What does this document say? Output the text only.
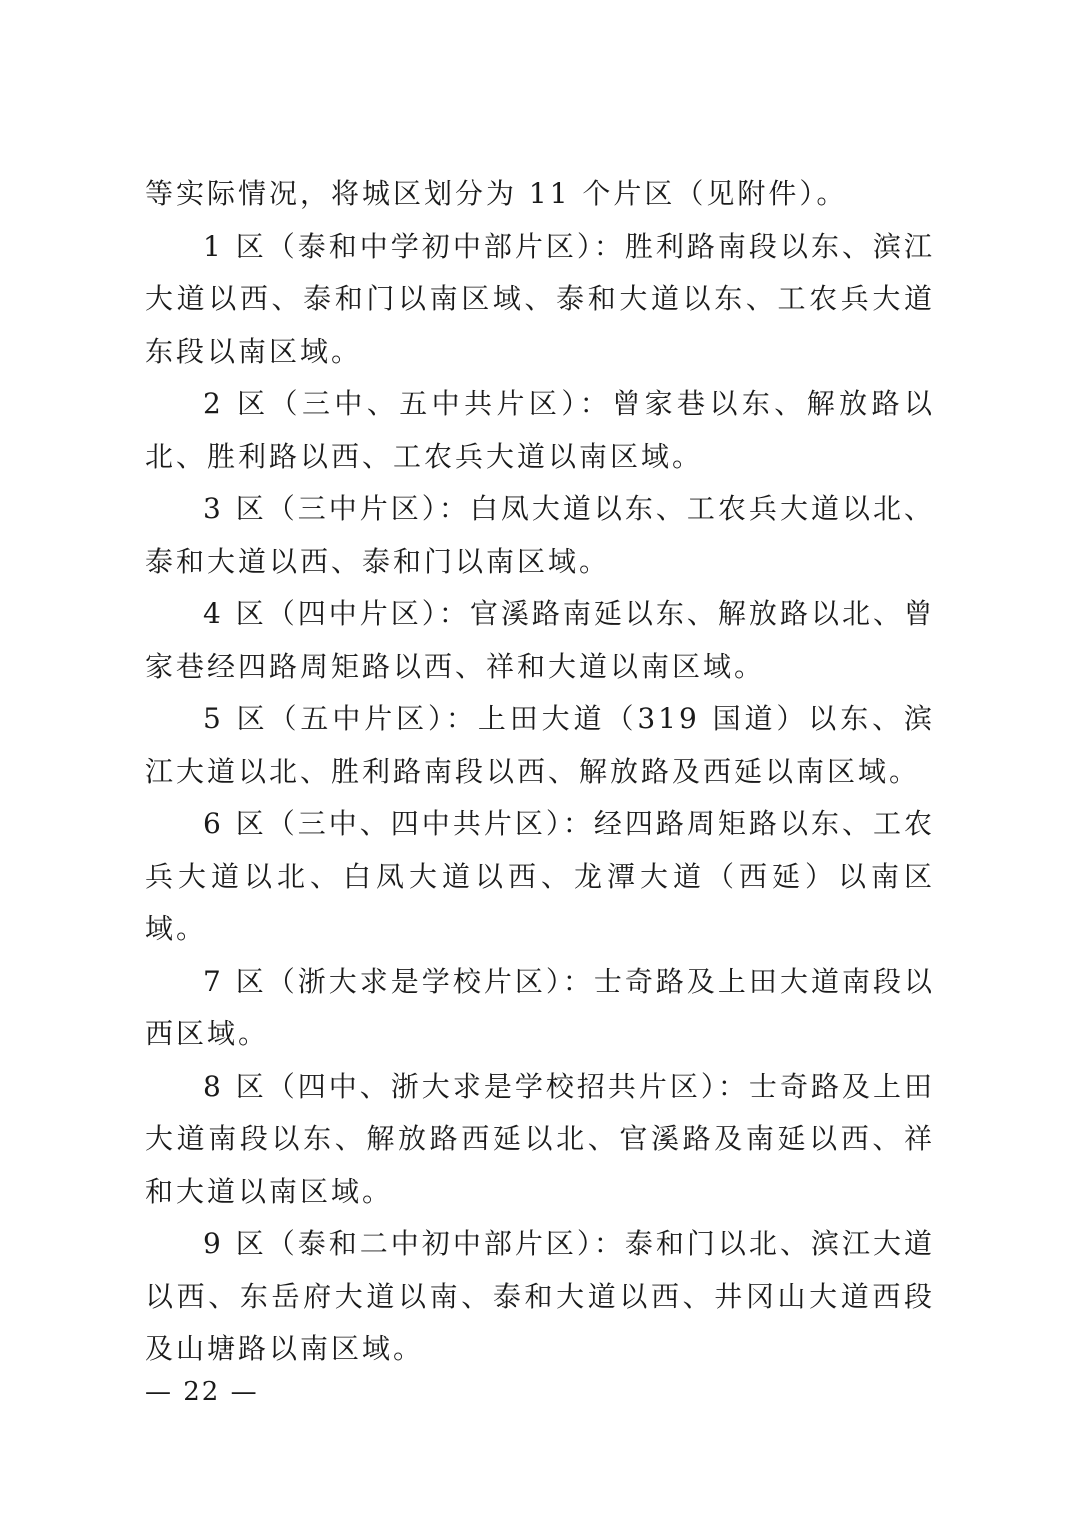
等实际情况，将城区划分为 11 个片区（见附件）。

1 区（泰和中学初中部片区）：胜利路南段以东、滨江大道以西、泰和门以南区域、泰和大道以东、工农兵大道东段以南区域。

2 区（三中、五中共片区）：曾家巷以东、解放路以北、胜利路以西、工农兵大道以南区域。

3 区（三中片区）：白凤大道以东、工农兵大道以北、泰和大道以西、泰和门以南区域。

4 区（四中片区）：官溪路南延以东、解放路以北、曾家巷经四路周矩路以西、祥和大道以南区域。

5 区（五中片区）：上田大道（319 国道）以东、滨江大道以北、胜利路南段以西、解放路及西延以南区域。

6 区（三中、四中共片区）：经四路周矩路以东、工农兵大道以北、白凤大道以西、龙潭大道（西延）以南区域。

7 区（浙大求是学校片区）：士奇路及上田大道南段以西区域。

8 区（四中、浙大求是学校招共片区）：士奇路及上田大道南段以东、解放路西延以北、官溪路及南延以西、祥和大道以南区域。

9 区（泰和二中初中部片区）：泰和门以北、滨江大道以西、东岳府大道以南、泰和大道以西、井冈山大道西段及山塘路以南区域。

— 22 —
